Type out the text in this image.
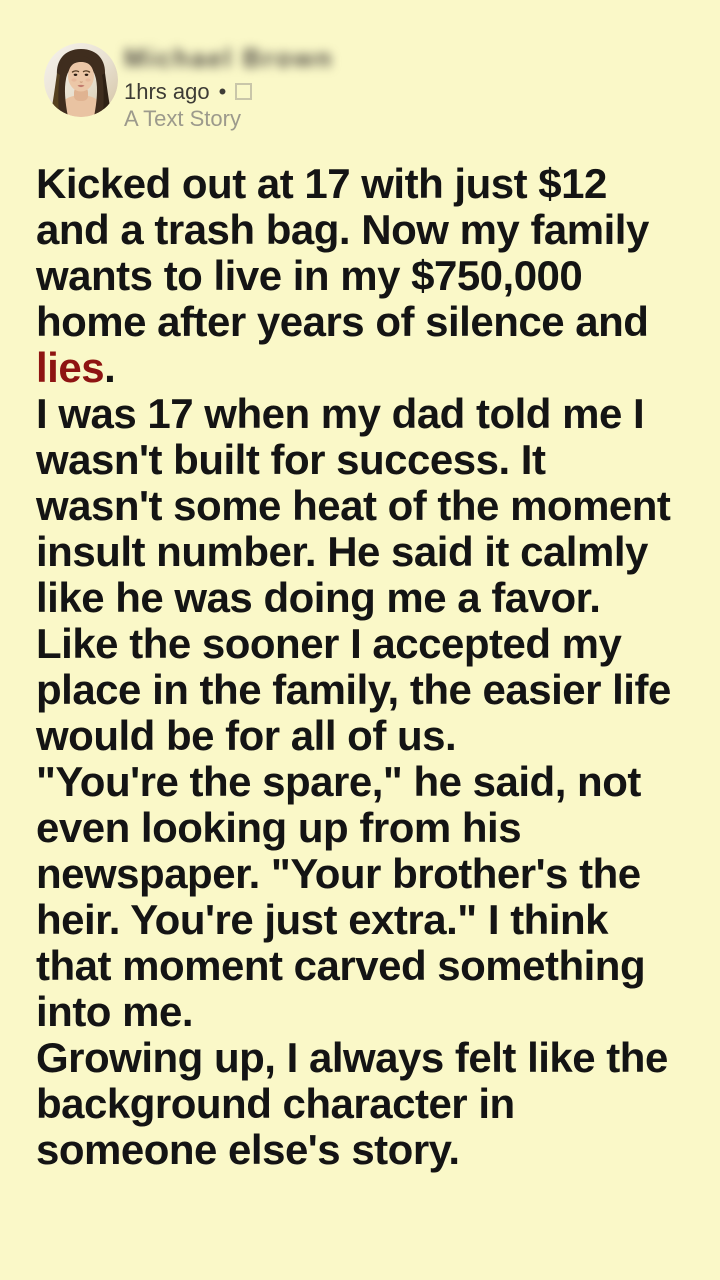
Michael Brown
1hrs ago •
A Text Story
Kicked out at 17 with just $12
and a trash bag. Now my family
wants to live in my $750,000
home after years of silence and
lies.
I was 17 when my dad told me I
wasn't built for success. It
wasn't some heat of the moment
insult number. He said it calmly
like he was doing me a favor.
Like the sooner I accepted my
place in the family, the easier life
would be for all of us.
"You're the spare," he said, not
even looking up from his
newspaper. "Your brother's the
heir. You're just extra." I think
that moment carved something
into me.
Growing up, I always felt like the
background character in
someone else's story.
